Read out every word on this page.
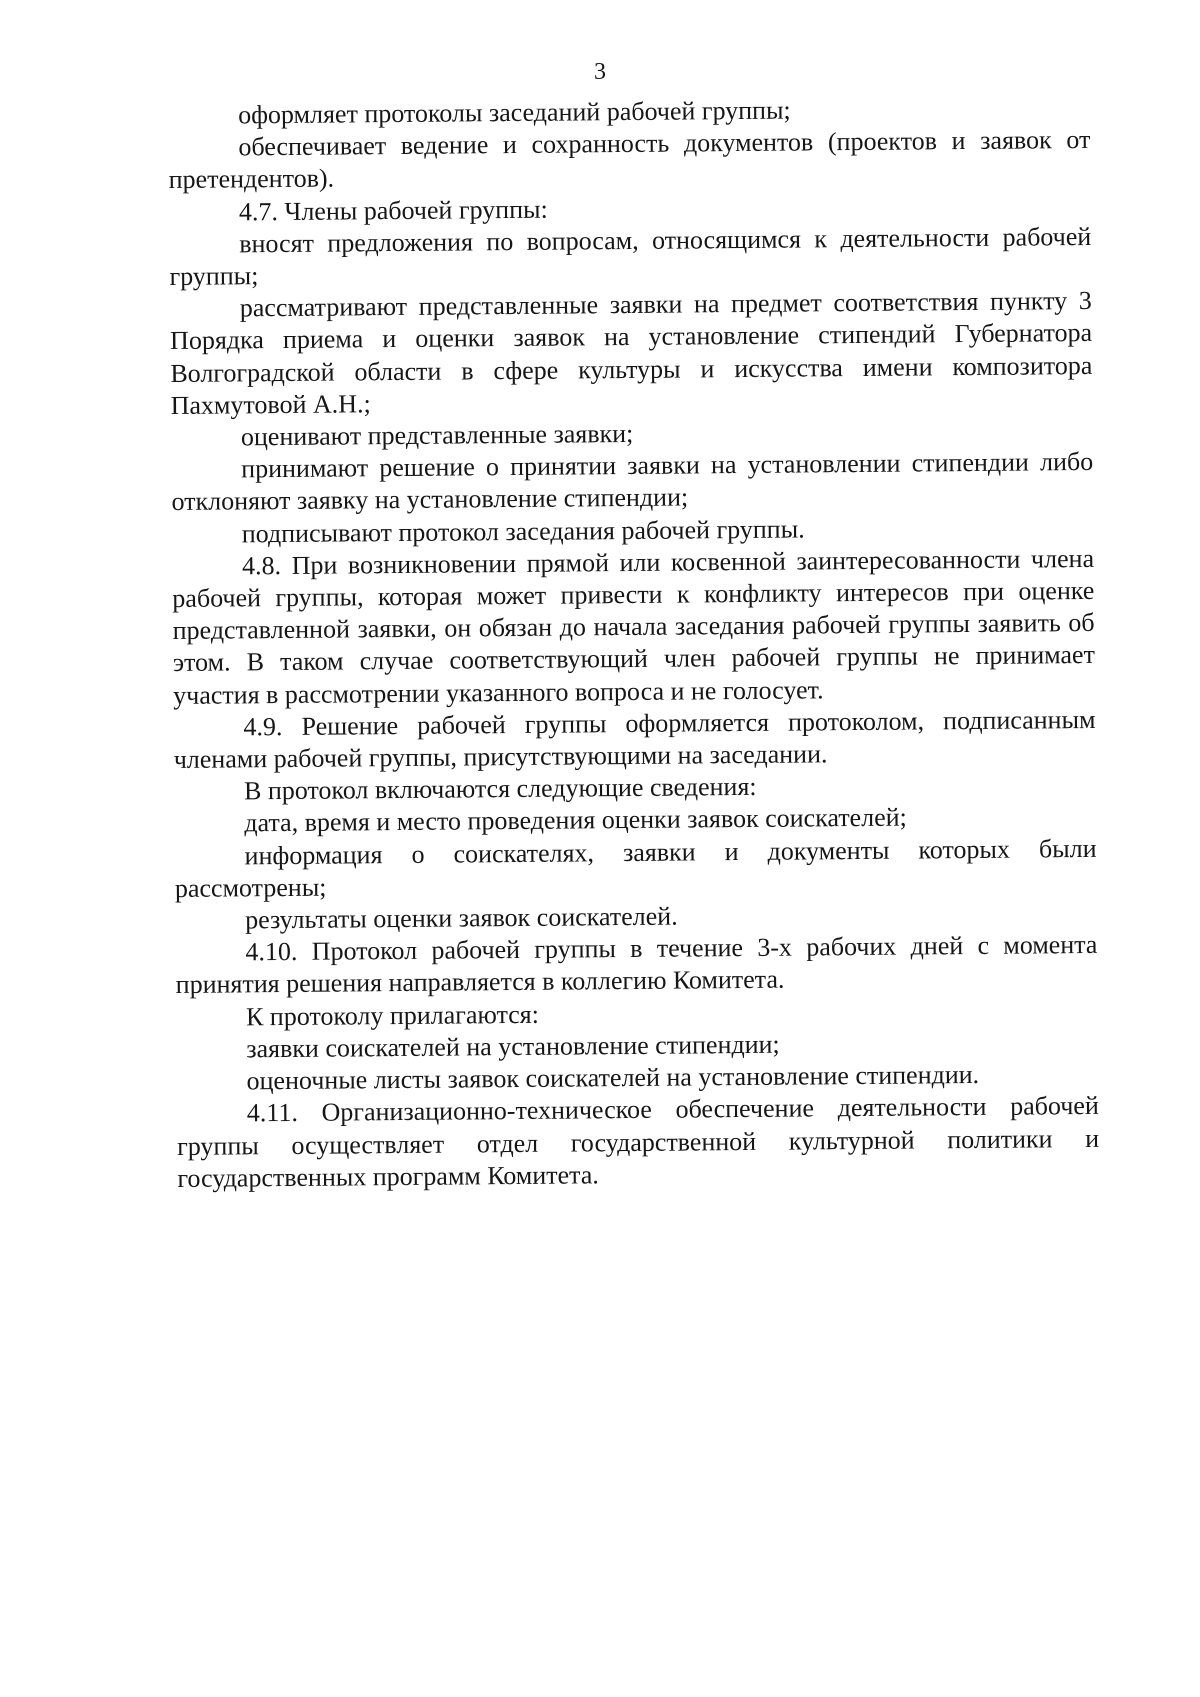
3

оформляет протоколы заседаний рабочей группы;

обеспечивает ведение и сохранность документов (проектов и заявок от претендентов).

4.7. Члены рабочей группы:

вносят предложения по вопросам, относящимся к деятельности рабочей группы;

рассматривают представленные заявки на предмет соответствия пункту 3 Порядка приема и оценки заявок на установление стипендий Губернатора Волгоградской области в сфере культуры и искусства имени композитора Пахмутовой А.Н.;

оценивают представленные заявки;

принимают решение о принятии заявки на установлении стипендии либо отклоняют заявку на установление стипендии;

подписывают протокол заседания рабочей группы.

4.8. При возникновении прямой или косвенной заинтересованности члена рабочей группы, которая может привести к конфликту интересов при оценке представленной заявки, он обязан до начала заседания рабочей группы заявить об этом. В таком случае соответствующий член рабочей группы не принимает участия в рассмотрении указанного вопроса и не голосует.

4.9. Решение рабочей группы оформляется протоколом, подписанным членами рабочей группы, присутствующими на заседании.

В протокол включаются следующие сведения:

дата, время и место проведения оценки заявок соискателей;

информация о соискателях, заявки и документы которых были рассмотрены;

результаты оценки заявок соискателей.

4.10. Протокол рабочей группы в течение 3-х рабочих дней с момента принятия решения направляется в коллегию Комитета.

К протоколу прилагаются:

заявки соискателей на установление стипендии;

оценочные листы заявок соискателей на установление стипендии.

4.11. Организационно-техническое обеспечение деятельности рабочей группы осуществляет отдел государственной культурной политики и государственных программ Комитета.
